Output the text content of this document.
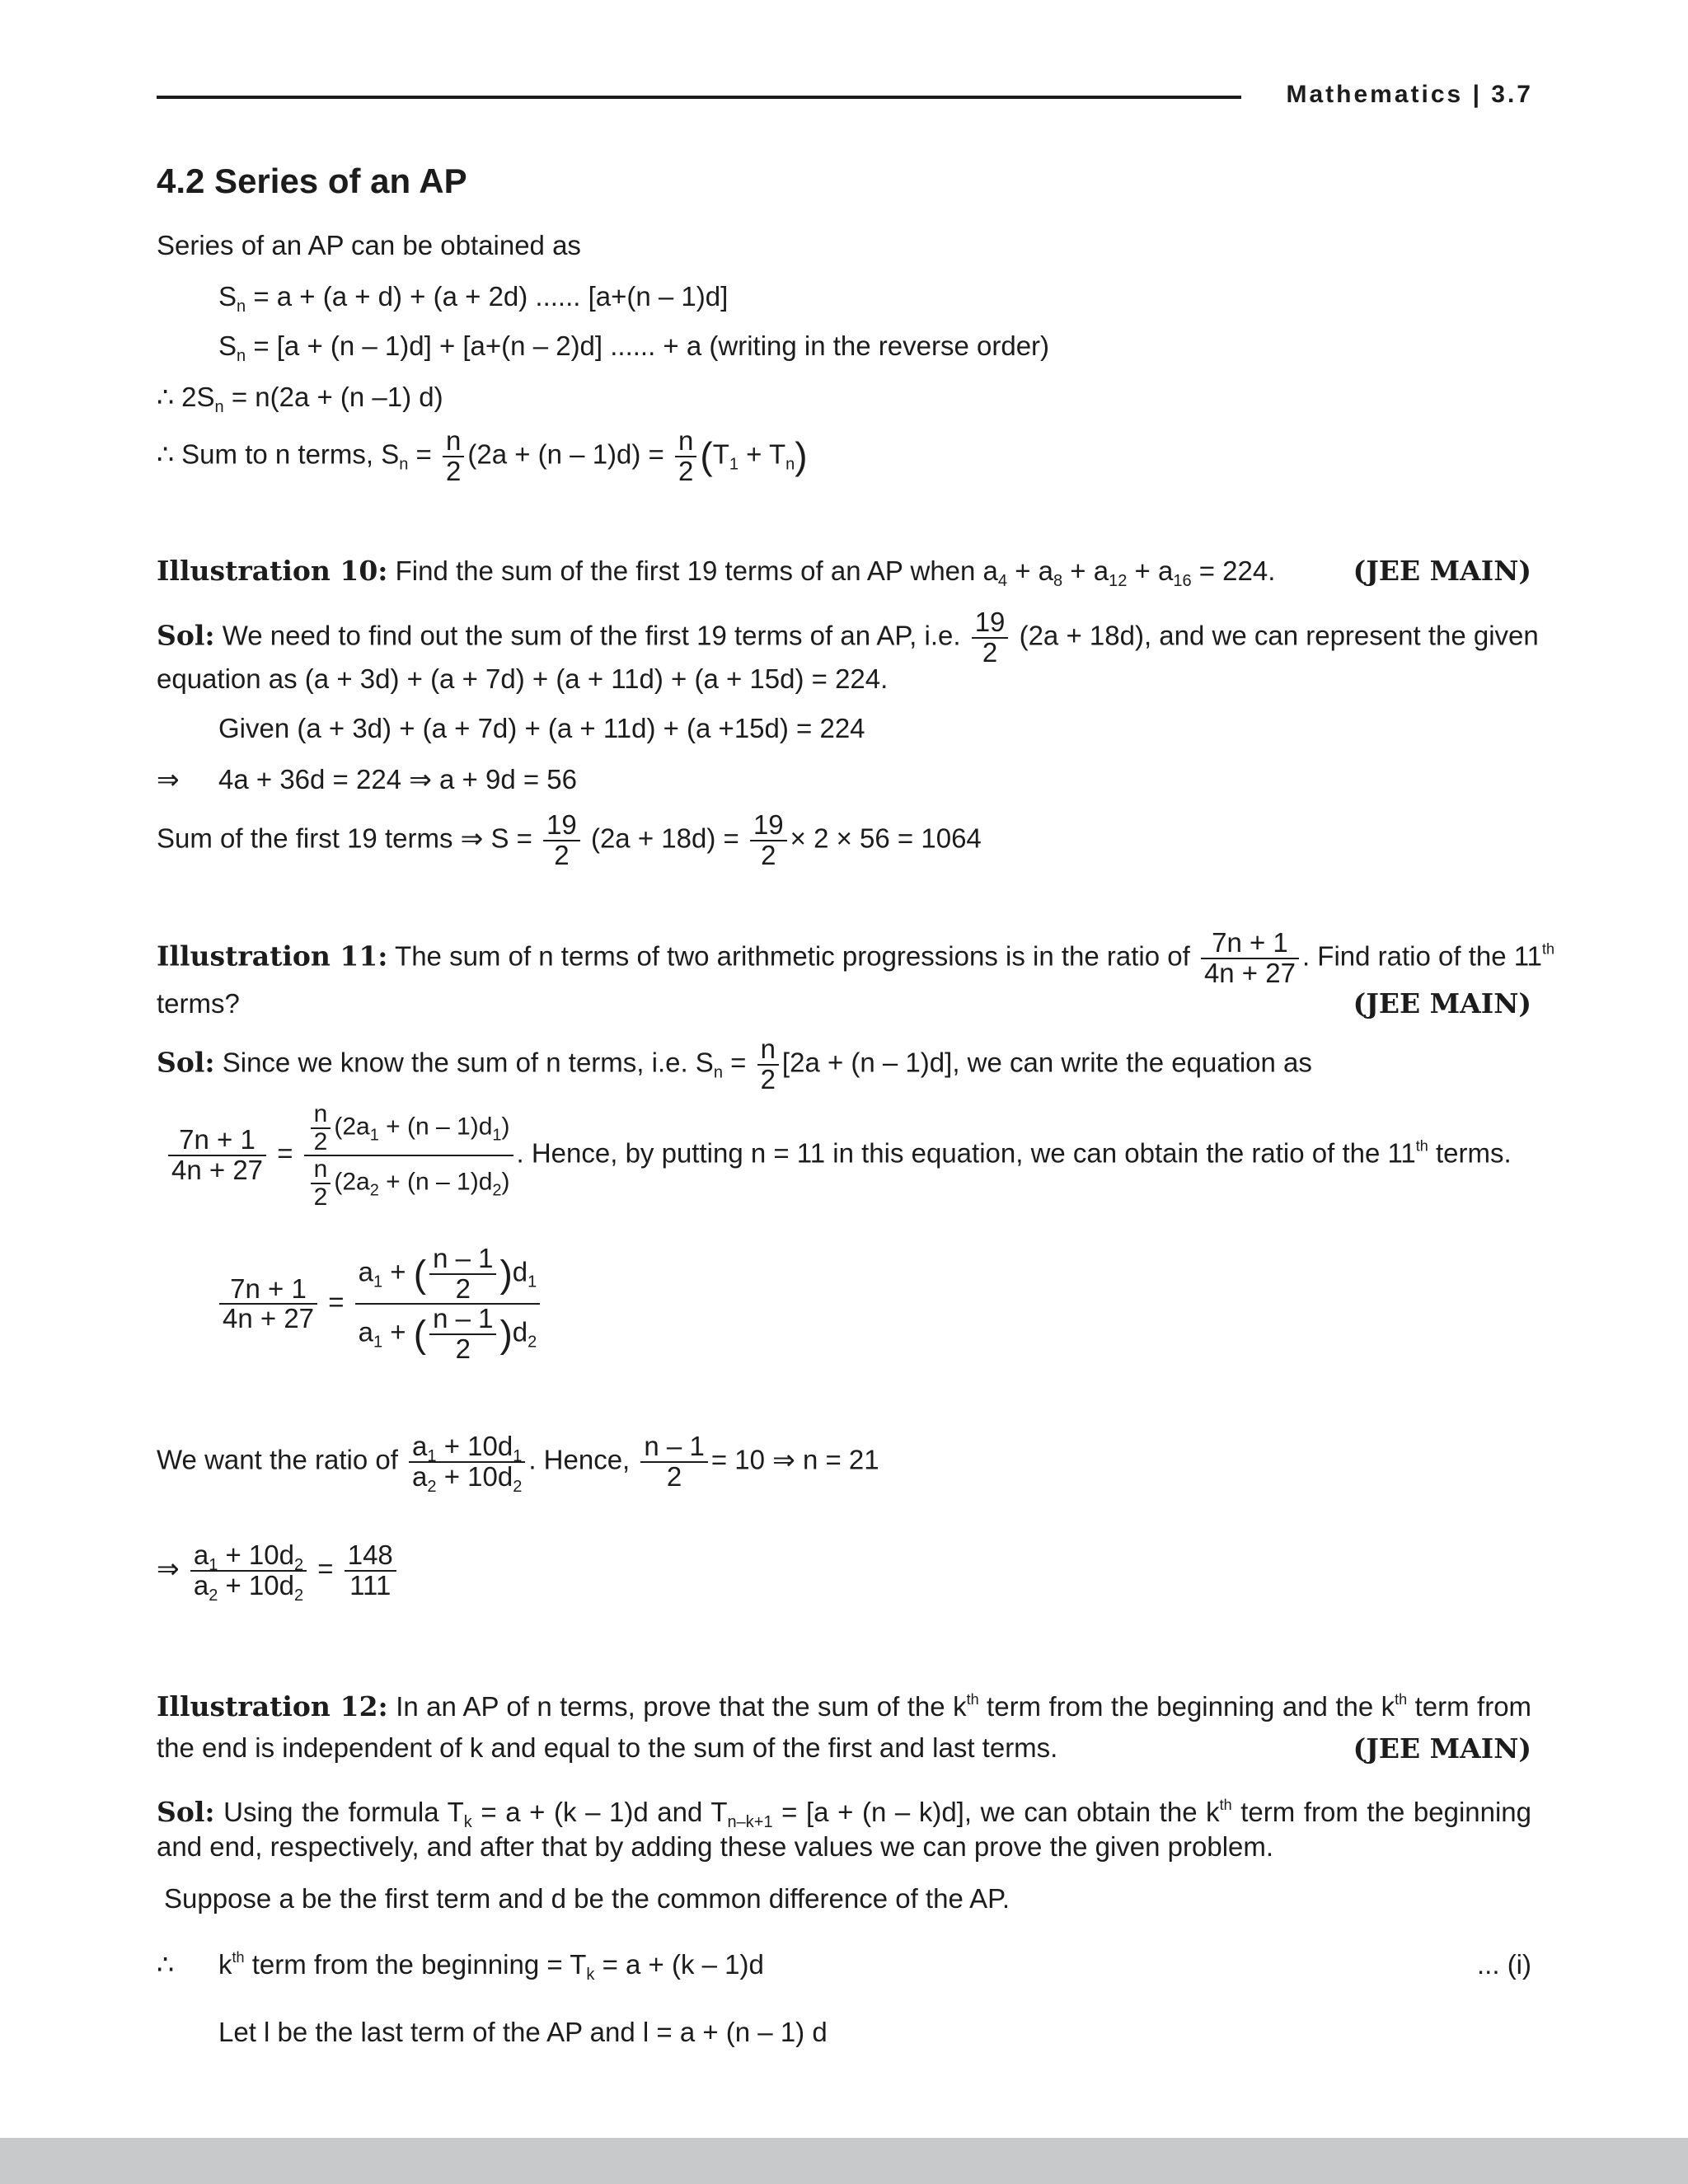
Mathematics | 3.7
4.2 Series of an AP
Series of an AP can be obtained as
$S_n = a + (a + d) + (a + 2d)$ ...... [a+(n – 1)d]
$S_n = [a + (n - 1)d] + [a+(n - 2)d]$ ...... + a (writing in the reverse order)
∴ $2S_n = n(2a + (n$ –1) d)
∴ Sum to n terms, $S_n = \frac{n}{2} (2a + (n - 1)d) = \frac{n}{2} (T_1 + T_n)$
Illustration 10: Find the sum of the first 19 terms of an AP when $a_4 + a_8 + a_{12} + a_{16} = 224$.	(JEE MAIN)
Sol: We need to find out the sum of the first 19 terms of an AP, i.e. $\frac{19}{2} (2a + 18d)$, and we can represent the given
equation as (a + 3d) + (a + 7d) + (a + 11d) + (a + 15d) = 224.
Given (a + 3d) + (a + 7d) + (a + 11d) + (a +15d) = 224
⇒ 4a + 36d = 224 ⇒ a + 9d = 56
Sum of the first 19 terms ⇒ $S = \frac{19}{2} (2a + 18d) = \frac{19}{2} \times 2 \times 56 = 1064$
Illustration 11: The sum of n terms of two arithmetic progressions is in the ratio of $\frac{7n + 1}{4n + 27}$ . Find ratio of the 11th
terms?	(JEE MAIN)
Sol: Since we know the sum of n terms, i.e. $S_n = \frac{n}{2} [2a + (n - 1)d]$, we can write the equation as
$\frac{7n + 1}{4n + 27} = \frac{\frac{n}{2} (2a_1 + (n - 1)d_1)}{\frac{n}{2} (2a_2 + (n - 1)d_2)}$ . Hence, by putting n = 11 in this equation, we can obtain the ratio of the 11th terms.
$\frac{7n + 1}{4n + 27} = \frac{a_1 + ( \frac{n - 1}{2} )d_1}{a_1 + ( \frac{n - 1}{2} )d_2}$
We want the ratio of $\frac{a_1 + 10d_1}{a_2 + 10d_2}$ . Hence, $\frac{n - 1}{2} = 10$ ⇒ n = 21
⇒ $\frac{a_1 + 10d_2}{a_2 + 10d_2} = \frac{148}{111}$
Illustration 12: In an AP of n terms, prove that the sum of the $k^{th}$ term from the beginning and the $k^{th}$ term from the end is independent of k and equal to the sum of the first and last terms.	(JEE MAIN)
Sol: Using the formula $T_k = a + (k - 1)d$ and $T_{n-k+1} = [a + (n - k)d]$, we can obtain the $k^{th}$ term from the beginning and end, respectively, and after that by adding these values we can prove the given problem.
Suppose a be the first term and d be the common difference of the AP.
∴ $k^{th}$ term from the beginning = $T_k = a + (k - 1)d$	... (i)
Let l be the last term of the AP and l = a + (n – 1) d
